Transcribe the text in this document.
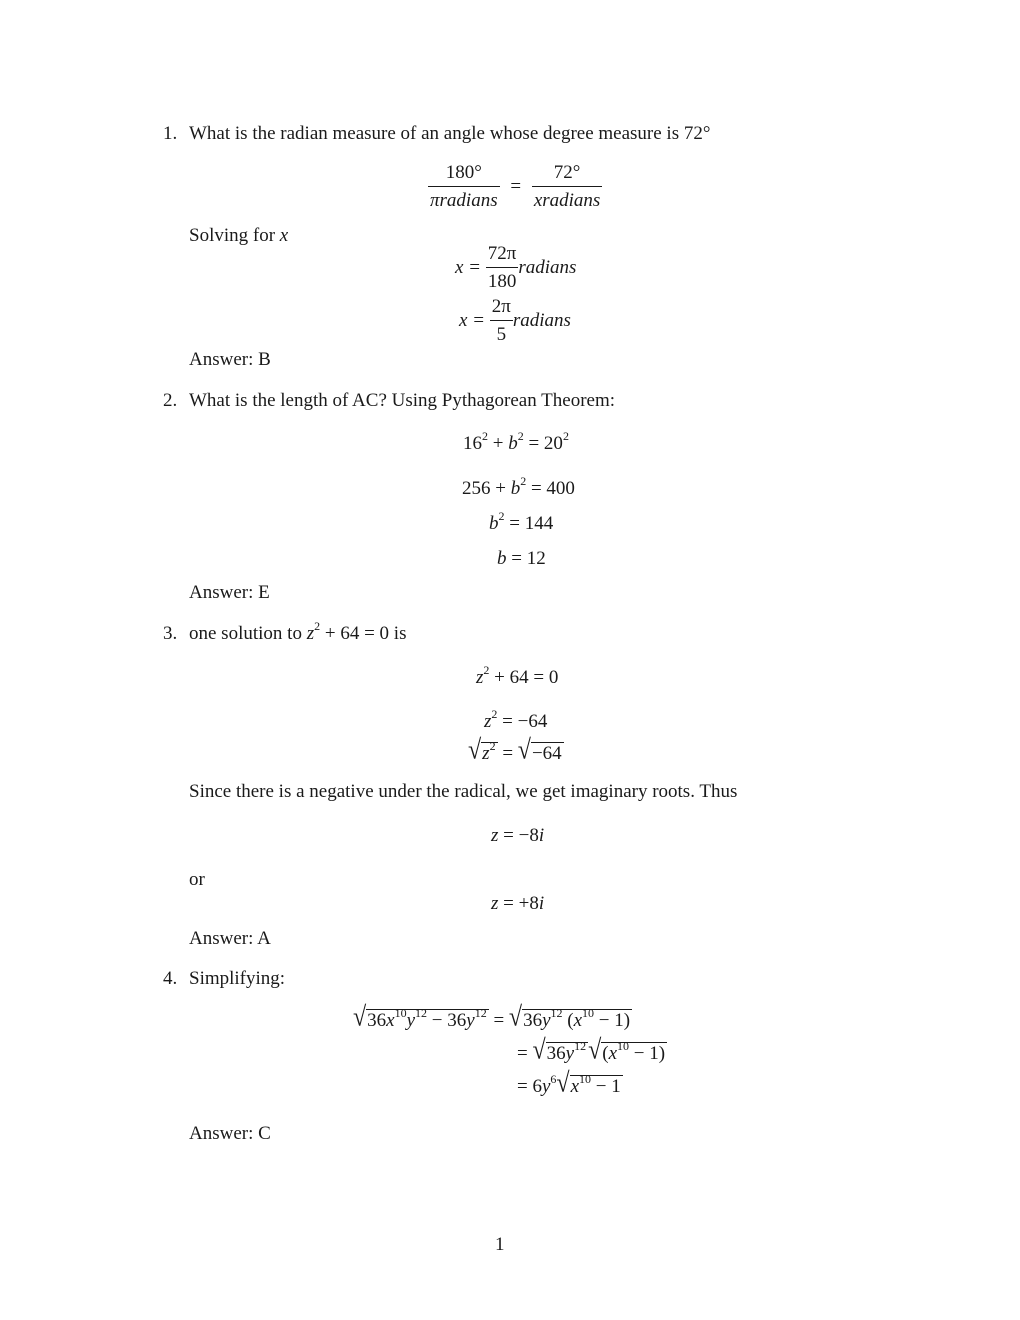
1. What is the radian measure of an angle whose degree measure is 72°
$\frac{180^\circ}{\text{πradians}} = \frac{72^\circ}{\text{xradians}}$
Solving for x
$x = \frac{72\pi}{180}$ radians
$x = \frac{2\pi}{5}$ radians
Answer: B
2. What is the length of AC? Using Pythagorean Theorem:
$16^2 + b^2 = 20^2$
$256 + b^2 = 400$
$b^2 = 144$
b = 12
Answer: E
3. one solution to $z^2 + 64 = 0$ is
$z^2 + 64 = 0$
$z^2 = -64$
$√z^2 = √-64$
Since there is a negative under the radical, we get imaginary roots. Thus
z = −8i
or
z = +8i
Answer: A
4. Simplifying:
$√36x^{10}y^{12} - 36y^{12} = √36y^{12}$ $(x^{10} - 1)$
= $√36y^{12}√(x^{10} - 1)$
= $6y^6√x^{10} - 1$
Answer: C
1
